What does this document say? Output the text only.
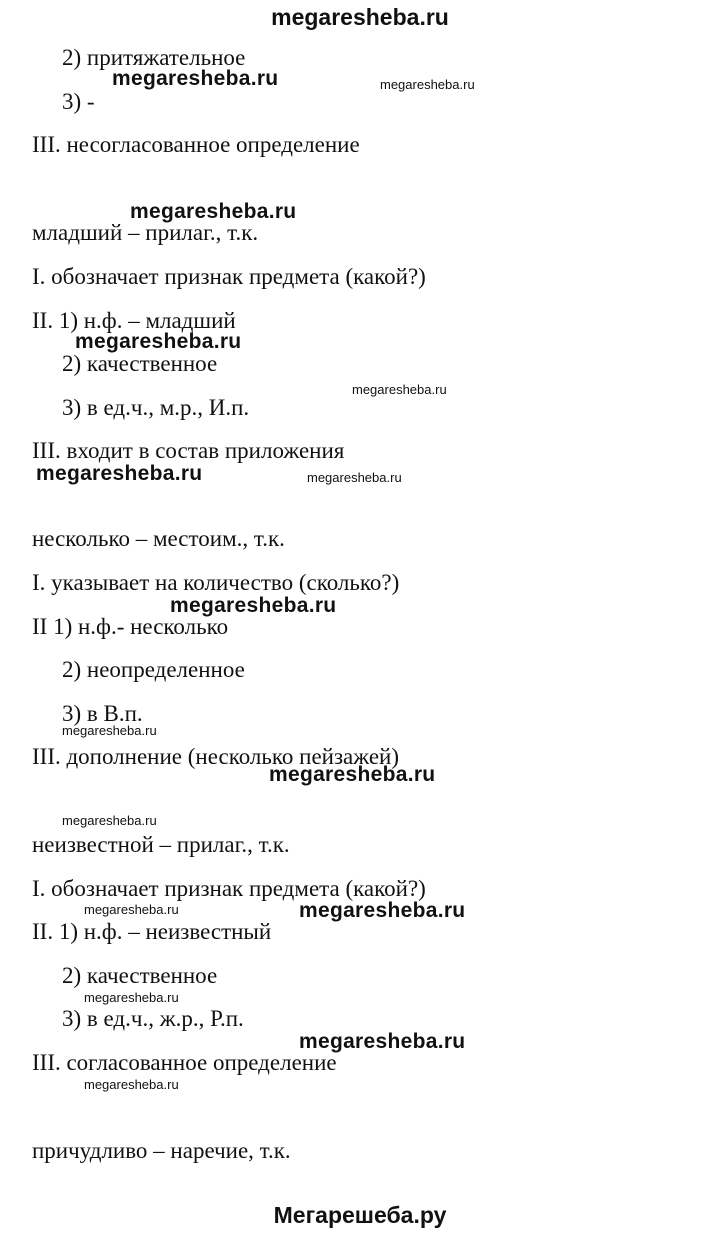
megaresheba.ru
2) притяжательное
3) -
III. несогласованное определение
младший – прилаг., т.к.
I. обозначает признак предмета (какой?)
II. 1) н.ф. – младший
2) качественное
3) в ед.ч., м.р., И.п.
III. входит в состав приложения
несколько – местоим., т.к.
I. указывает на количество (сколько?)
II 1) н.ф.- несколько
2) неопределенное
3) в В.п.
III. дополнение (несколько пейзажей)
неизвестной – прилаг., т.к.
I. обозначает признак предмета (какой?)
II. 1) н.ф. – неизвестный
2) качественное
3) в ед.ч., ж.р., Р.п.
III. согласованное определение
причудливо – наречие, т.к.
megaresheba.ru
megaresheba.ru
megaresheba.ru
megaresheba.ru
megaresheba.ru
megaresheba.ru
megaresheba.ru
megaresheba.ru
megaresheba.ru
megaresheba.ru
megaresheba.ru
megaresheba.ru
megaresheba.ru
megaresheba.ru
megaresheba.ru
megaresheba.ru
Мегарешеба.ру
